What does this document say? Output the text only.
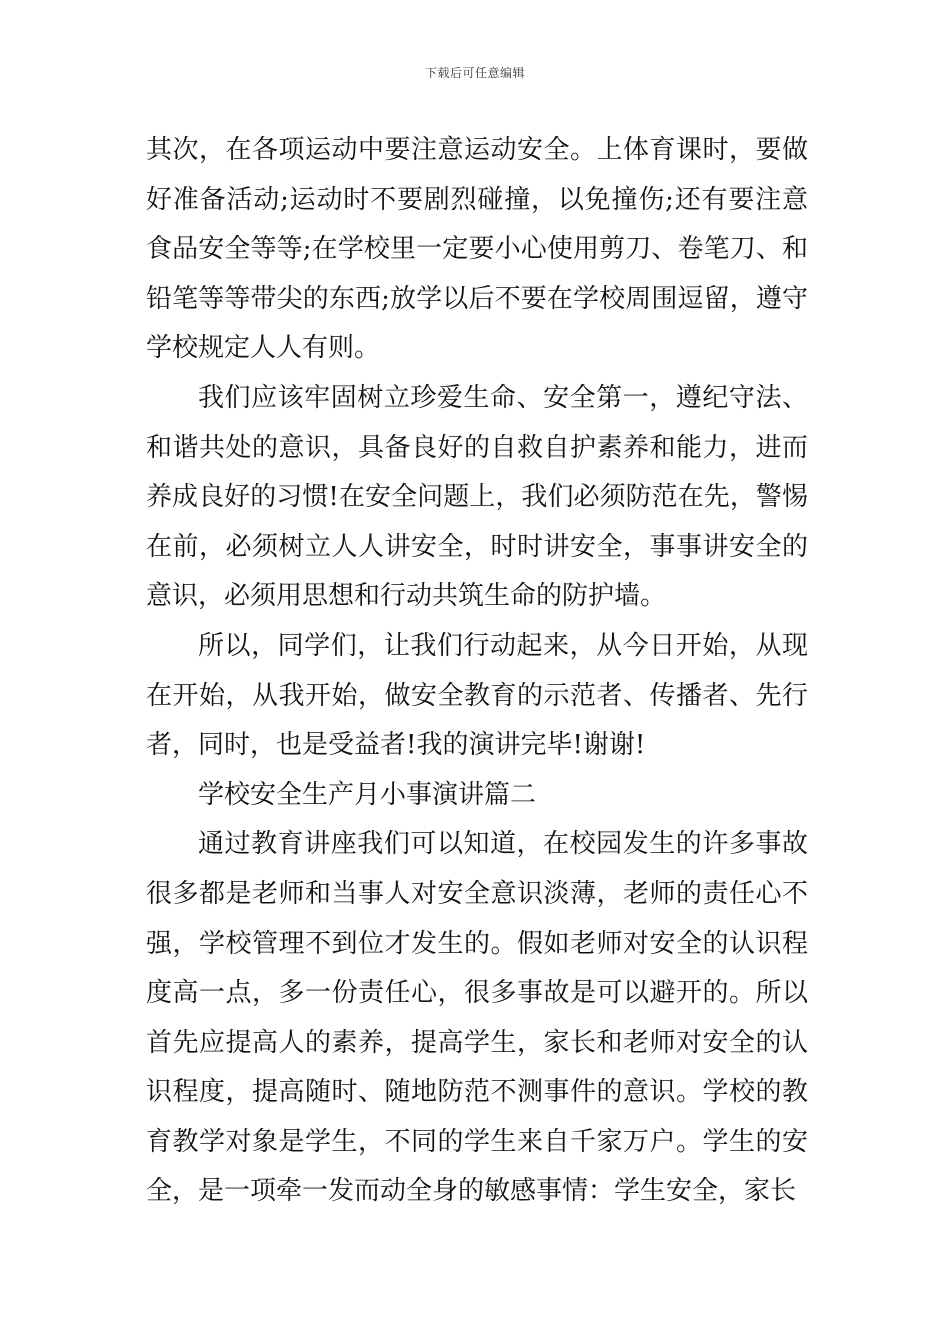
下载后可任意编辑

其次，在各项运动中要注意运动安全。上体育课时，要做好准备活动;运动时不要剧烈碰撞，以免撞伤;还有要注意食品安全等等;在学校里一定要小心使用剪刀、卷笔刀、和铅笔等等带尖的东西;放学以后不要在学校周围逗留，遵守学校规定人人有则。

我们应该牢固树立珍爱生命、安全第一，遵纪守法、和谐共处的意识，具备良好的自救自护素养和能力，进而养成良好的习惯!在安全问题上，我们必须防范在先，警惕在前，必须树立人人讲安全，时时讲安全，事事讲安全的意识，必须用思想和行动共筑生命的防护墙。

所以，同学们，让我们行动起来，从今日开始，从现在开始，从我开始，做安全教育的示范者、传播者、先行者，同时，也是受益者!我的演讲完毕!谢谢!

学校安全生产月小事演讲篇二

通过教育讲座我们可以知道，在校园发生的许多事故很多都是老师和当事人对安全意识淡薄，老师的责任心不强，学校管理不到位才发生的。假如老师对安全的认识程度高一点，多一份责任心，很多事故是可以避开的。所以首先应提高人的素养，提高学生，家长和老师对安全的认识程度，提高随时、随地防范不测事件的意识。学校的教育教学对象是学生，不同的学生来自千家万户。学生的安全，是一项牵一发而动全身的敏感事情：学生安全，家长
